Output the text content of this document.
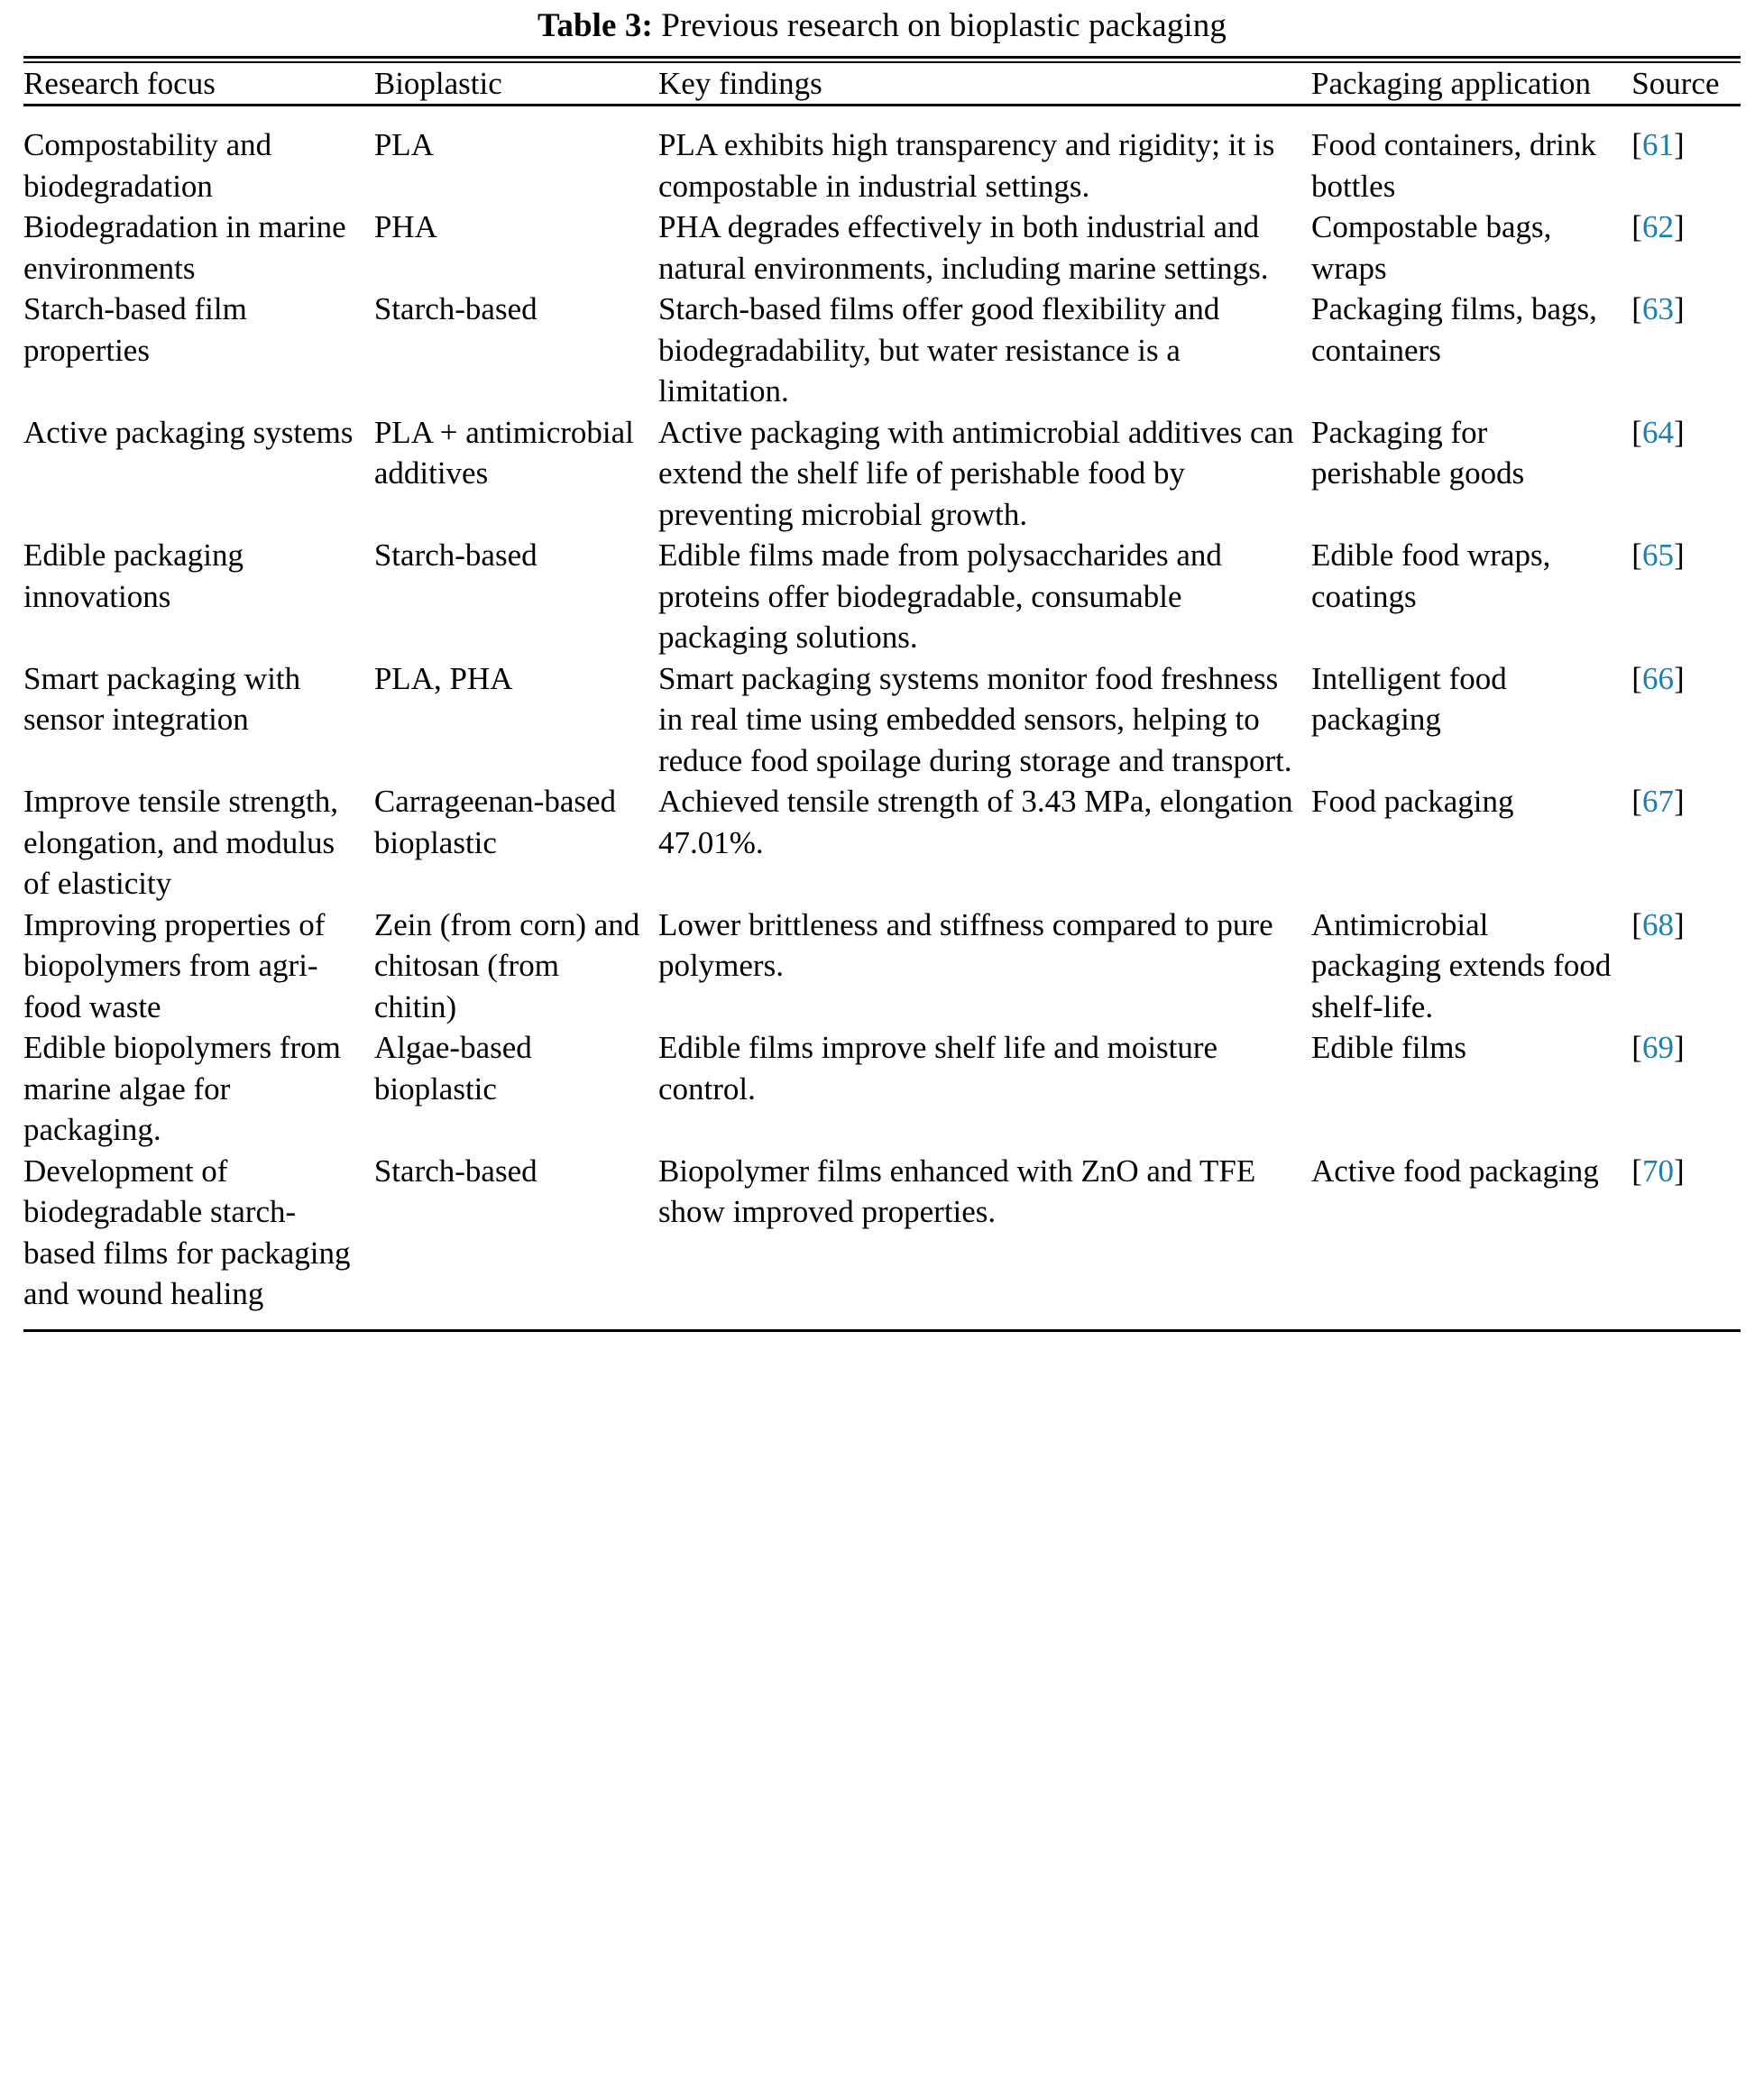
Table 3: Previous research on bioplastic packaging
Research focus	Bioplastic	Key findings	Packaging application	Source
Compostability and biodegradation	PLA	PLA exhibits high transparency and rigidity; it is compostable in industrial settings.	Food containers, drink bottles	[61]
Biodegradation in marine environments	PHA	PHA degrades effectively in both industrial and natural environments, including marine settings.	Compostable bags, wraps	[62]
Starch-based film properties	Starch-based	Starch-based films offer good flexibility and biodegradability, but water resistance is a limitation.	Packaging films, bags, containers	[63]
Active packaging systems	PLA + antimicrobial additives	Active packaging with antimicrobial additives can extend the shelf life of perishable food by preventing microbial growth.	Packaging for perishable goods	[64]
Edible packaging innovations	Starch-based	Edible films made from polysaccharides and proteins offer biodegradable, consumable packaging solutions.	Edible food wraps, coatings	[65]
Smart packaging with sensor integration	PLA, PHA	Smart packaging systems monitor food freshness in real time using embedded sensors, helping to reduce food spoilage during storage and transport.	Intelligent food packaging	[66]
Improve tensile strength, elongation, and modulus of elasticity	Carrageenan-based bioplastic	Achieved tensile strength of 3.43 MPa, elongation 47.01%.	Food packaging	[67]
Improving properties of biopolymers from agri-food waste	Zein (from corn) and chitosan (from chitin)	Lower brittleness and stiffness compared to pure polymers.	Antimicrobial packaging extends food shelf-life.	[68]
Edible biopolymers from marine algae for packaging.	Algae-based bioplastic	Edible films improve shelf life and moisture control.	Edible films	[69]
Development of biodegradable starch-based films for packaging and wound healing	Starch-based	Biopolymer films enhanced with ZnO and TFE show improved properties.	Active food packaging	[70]
